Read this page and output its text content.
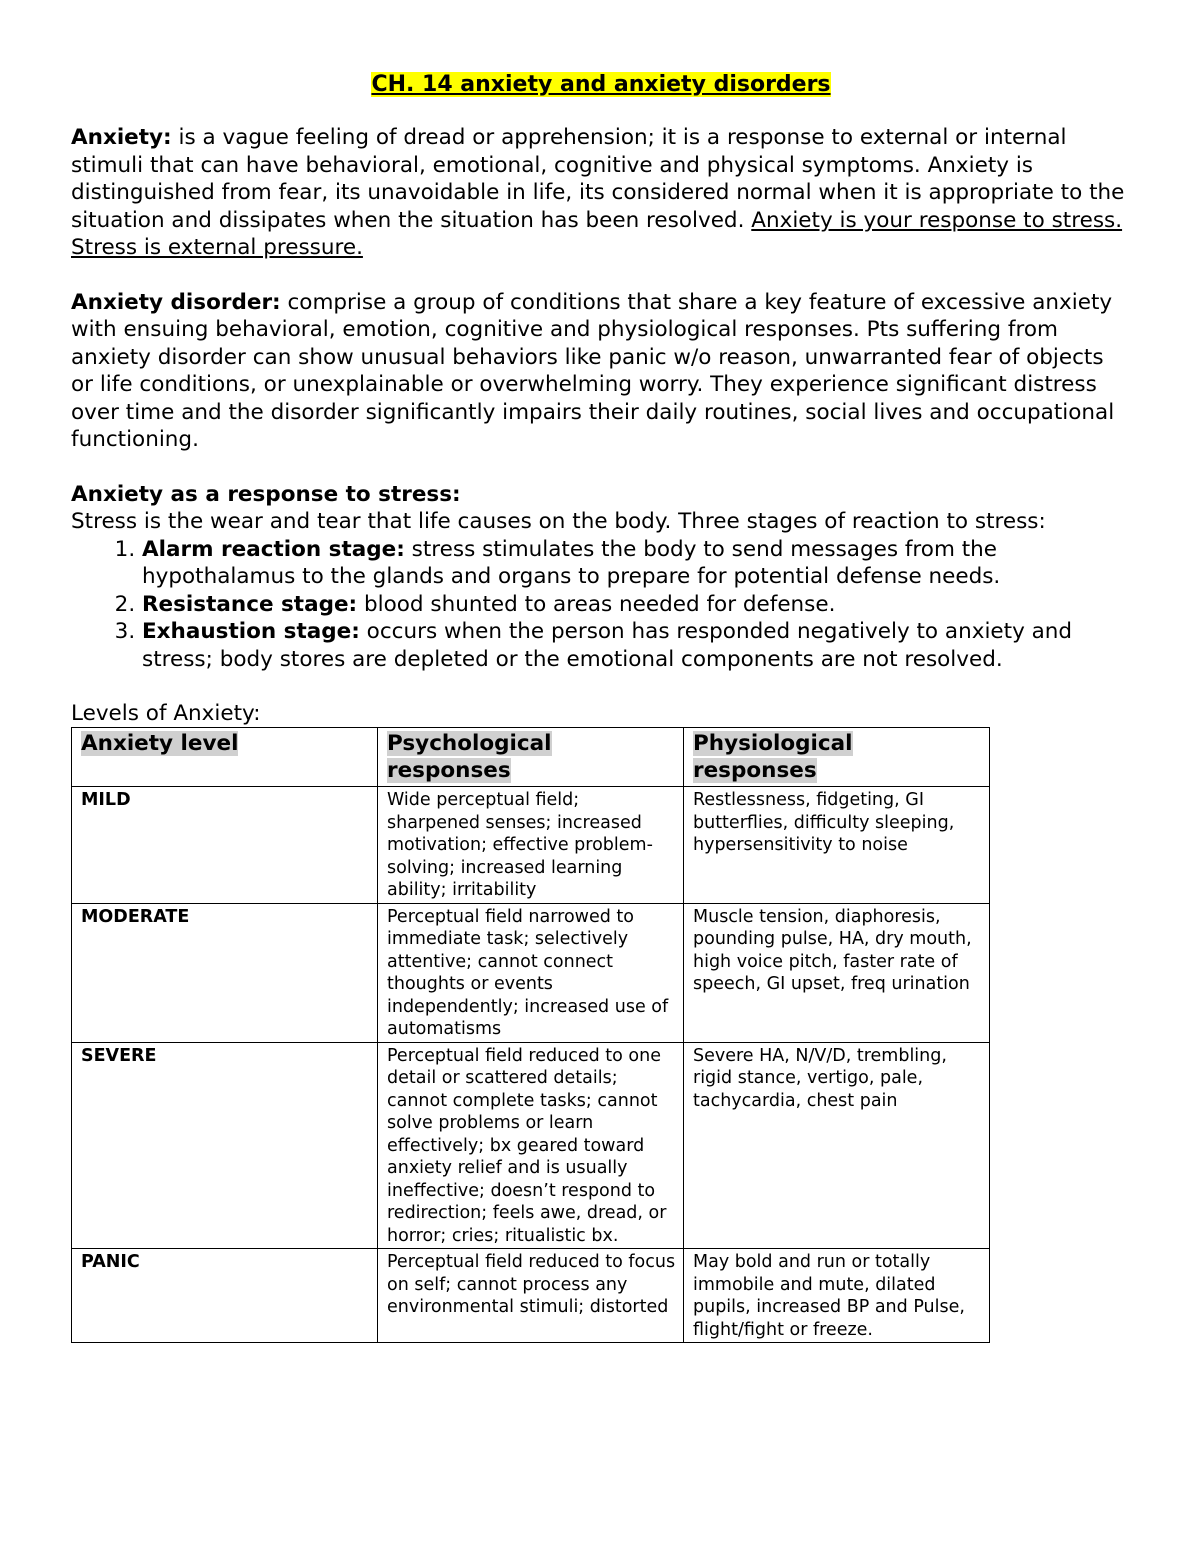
CH. 14 anxiety and anxiety disorders

Anxiety: is a vague feeling of dread or apprehension; it is a response to external or internal stimuli that can have behavioral, emotional, cognitive and physical symptoms. Anxiety is distinguished from fear, its unavoidable in life, its considered normal when it is appropriate to the situation and dissipates when the situation has been resolved. Anxiety is your response to stress. Stress is external pressure.

Anxiety disorder: comprise a group of conditions that share a key feature of excessive anxiety with ensuing behavioral, emotion, cognitive and physiological responses. Pts suffering from anxiety disorder can show unusual behaviors like panic w/o reason, unwarranted fear of objects or life conditions, or unexplainable or overwhelming worry. They experience significant distress over time and the disorder significantly impairs their daily routines, social lives and occupational functioning.

Anxiety as a response to stress:

Stress is the wear and tear that life causes on the body. Three stages of reaction to stress:

1. Alarm reaction stage: stress stimulates the body to send messages from the hypothalamus to the glands and organs to prepare for potential defense needs.
2. Resistance stage: blood shunted to areas needed for defense.
3. Exhaustion stage: occurs when the person has responded negatively to anxiety and stress; body stores are depleted or the emotional components are not resolved.
Levels of Anxiety:
Anxiety level	Psychological responses	Physiological responses
MILD	Wide perceptual field; sharpened senses; increased motivation; effective problem-solving; increased learning ability; irritability	Restlessness, fidgeting, GI butterflies, difficulty sleeping, hypersensitivity to noise
MODERATE	Perceptual field narrowed to immediate task; selectively attentive; cannot connect thoughts or events independently; increased use of automatisms	Muscle tension, diaphoresis, pounding pulse, HA, dry mouth, high voice pitch, faster rate of speech, GI upset, freq urination
SEVERE	Perceptual field reduced to one detail or scattered details; cannot complete tasks; cannot solve problems or learn effectively; bx geared toward anxiety relief and is usually ineffective; doesn’t respond to redirection; feels awe, dread, or horror; cries; ritualistic bx.	Severe HA, N/V/D, trembling, rigid stance, vertigo, pale, tachycardia, chest pain
PANIC	Perceptual field reduced to focus on self; cannot process any environmental stimuli; distorted	May bold and run or totally immobile and mute, dilated pupils, increased BP and Pulse, flight/fight or freeze.
